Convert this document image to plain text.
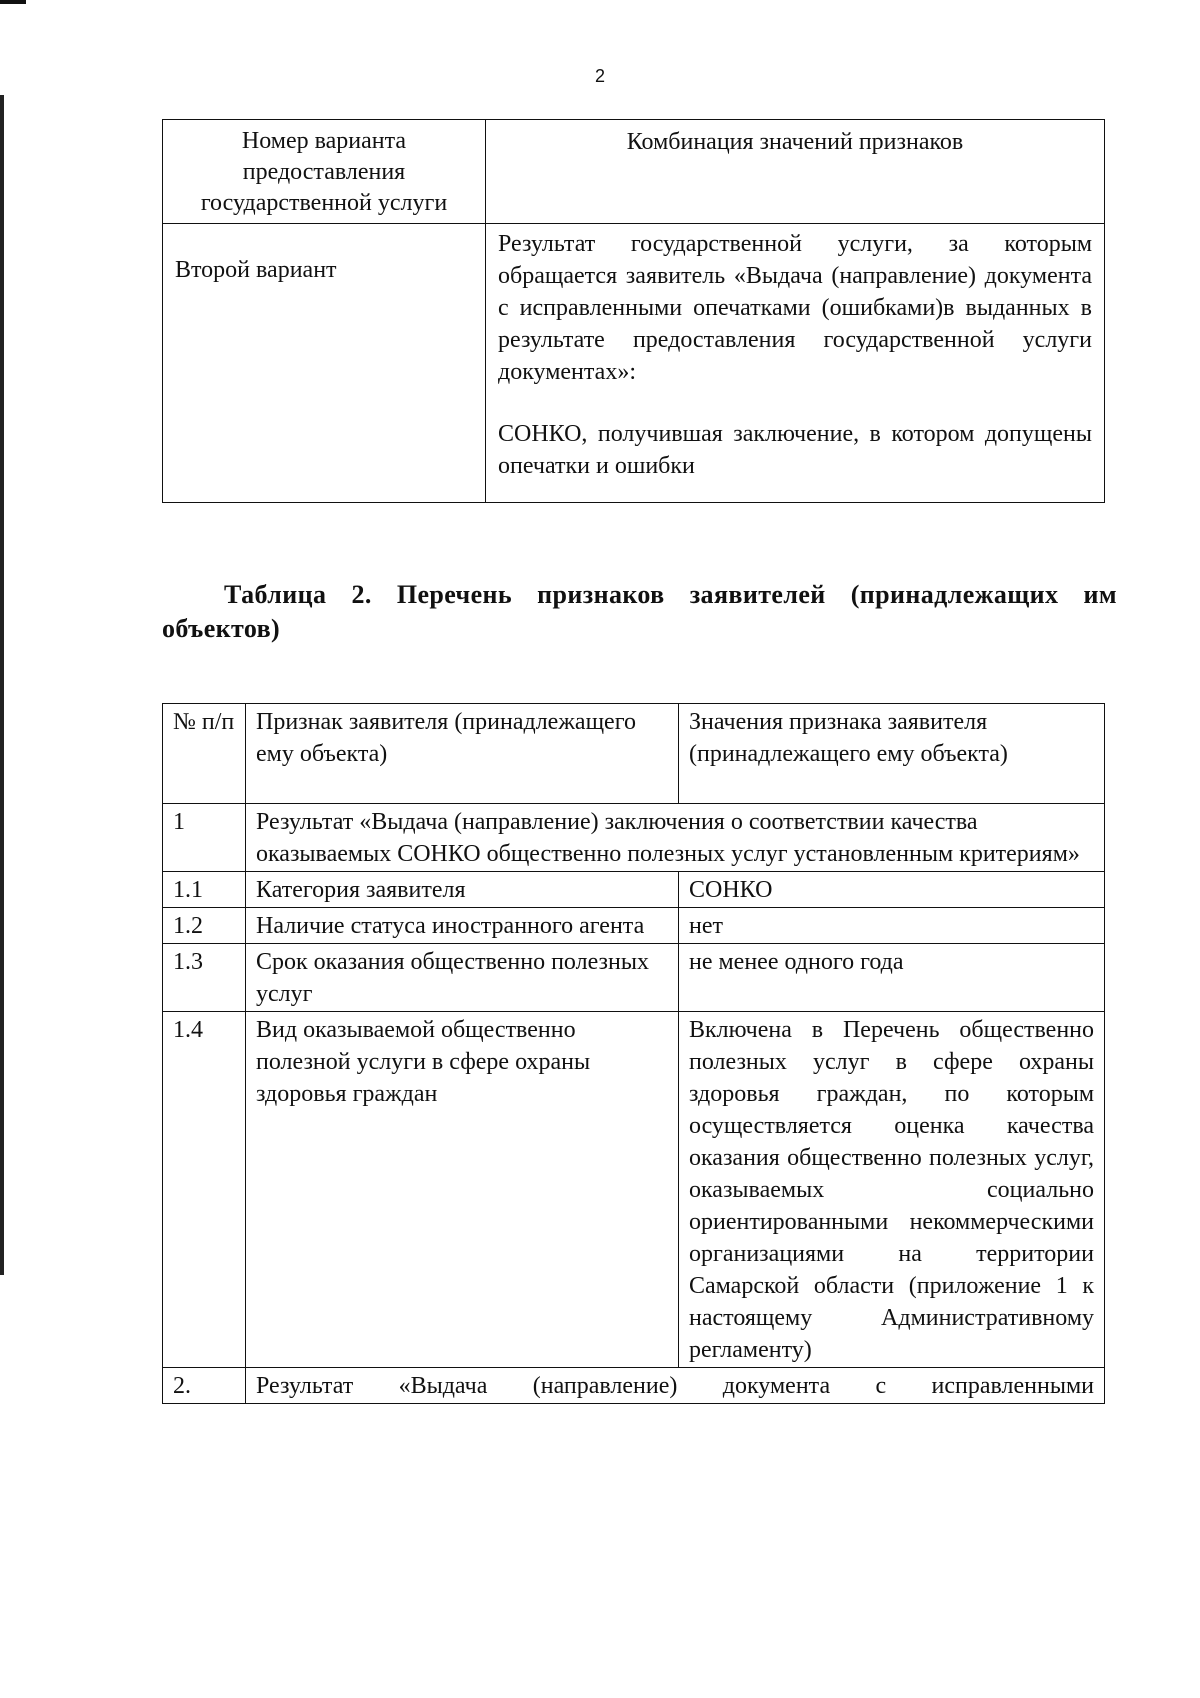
2
Номер варианта предоставления государственной услуги	Комбинация значений признаков
Второй вариант	Результат государственной услуги, за которым обращается заявитель «Выдача (направление) документа с исправленными опечатками (ошибками)в выданных в результате предоставления государственной услуги документах»:

СОНКО, получившая заключение, в котором допущены опечатки и ошибки

Таблица 2. Перечень признаков заявителей (принадлежащих им объектов)
№ п/п	Признак заявителя (принадлежащего ему объекта)	Значения признака заявителя (принадлежащего ему объекта)
1	Результат «Выдача (направление) заключения о соответствии качества оказываемых СОНКО общественно полезных услуг установленным критериям»	
1.1	Категория заявителя	СОНКО
1.2	Наличие статуса иностранного агента	нет
1.3	Срок оказания общественно полезных услуг	не менее одного года
1.4	Вид оказываемой общественно полезной услуги в сфере охраны здоровья граждан	Включена в Перечень общественно полезных услуг в сфере охраны здоровья граждан, по которым осуществляется оценка качества оказания общественно полезных услуг, оказываемых социально ориентированными некоммерческими организациями на территории Самарской области (приложение 1 к настоящему Административному регламенту)
2.	Результат «Выдача (направление) документа с исправленными	
